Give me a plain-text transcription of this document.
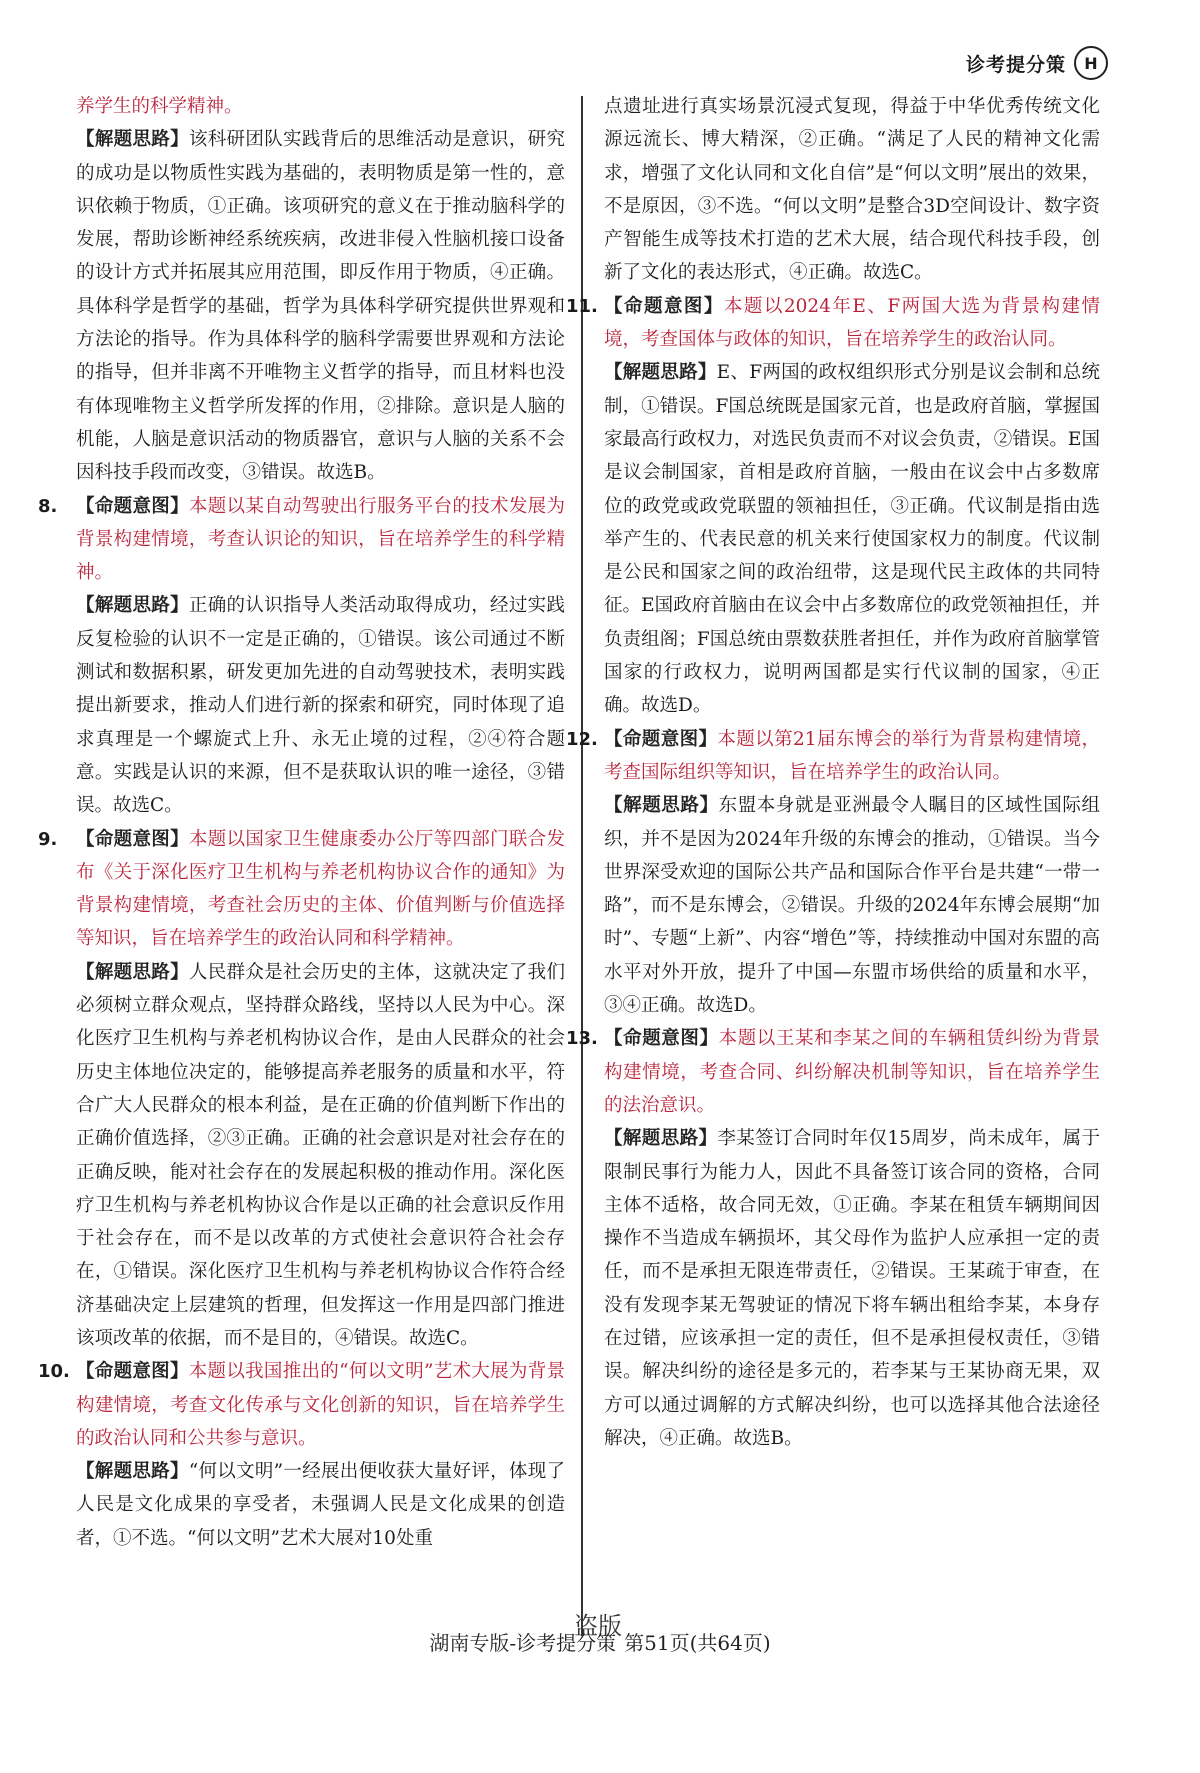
诊考提分策	H

养学生的科学精神。

【解题思路】该科研团队实践背后的思维活动是意识，研究的成功是以物质性实践为基础的，表明物质是第一性的，意识依赖于物质，①正确。该项研究的意义在于推动脑科学的发展，帮助诊断神经系统疾病，改进非侵入性脑机接口设备的设计方式并拓展其应用范围，即反作用于物质，④正确。具体科学是哲学的基础，哲学为具体科学研究提供世界观和方法论的指导。作为具体科学的脑科学需要世界观和方法论的指导，但并非离不开唯物主义哲学的指导，而且材料也没有体现唯物主义哲学所发挥的作用，②排除。意识是人脑的机能，人脑是意识活动的物质器官，意识与人脑的关系不会因科技手段而改变，③错误。故选B。

8. 【命题意图】本题以某自动驾驶出行服务平台的技术发展为背景构建情境，考查认识论的知识，旨在培养学生的科学精神。

【解题思路】正确的认识指导人类活动取得成功，经过实践反复检验的认识不一定是正确的，①错误。该公司通过不断测试和数据积累，研发更加先进的自动驾驶技术，表明实践提出新要求，推动人们进行新的探索和研究，同时体现了追求真理是一个螺旋式上升、永无止境的过程，②④符合题意。实践是认识的来源，但不是获取认识的唯一途径，③错误。故选C。

9. 【命题意图】本题以国家卫生健康委办公厅等四部门联合发布《关于深化医疗卫生机构与养老机构协议合作的通知》为背景构建情境，考查社会历史的主体、价值判断与价值选择等知识，旨在培养学生的政治认同和科学精神。

【解题思路】人民群众是社会历史的主体，这就决定了我们必须树立群众观点，坚持群众路线，坚持以人民为中心。深化医疗卫生机构与养老机构协议合作，是由人民群众的社会历史主体地位决定的，能够提高养老服务的质量和水平，符合广大人民群众的根本利益，是在正确的价值判断下作出的正确价值选择，②③正确。正确的社会意识是对社会存在的正确反映，能对社会存在的发展起积极的推动作用。深化医疗卫生机构与养老机构协议合作是以正确的社会意识反作用于社会存在，而不是以改革的方式使社会意识符合社会存在，①错误。深化医疗卫生机构与养老机构协议合作符合经济基础决定上层建筑的哲理，但发挥这一作用是四部门推进该项改革的依据，而不是目的，④错误。故选C。

10. 【命题意图】本题以我国推出的“何以文明”艺术大展为背景构建情境，考查文化传承与文化创新的知识，旨在培养学生的政治认同和公共参与意识。

【解题思路】“何以文明”一经展出便收获大量好评，体现了人民是文化成果的享受者，未强调人民是文化成果的创造者，①不选。“何以文明”艺术大展对10处重

点遗址进行真实场景沉浸式复现，得益于中华优秀传统文化源远流长、博大精深，②正确。“满足了人民的精神文化需求，增强了文化认同和文化自信”是“何以文明”展出的效果，不是原因，③不选。“何以文明”是整合3D空间设计、数字资产智能生成等技术打造的艺术大展，结合现代科技手段，创新了文化的表达形式，④正确。故选C。

11. 【命题意图】本题以2024年E、F两国大选为背景构建情境，考查国体与政体的知识，旨在培养学生的政治认同。

【解题思路】E、F两国的政权组织形式分别是议会制和总统制，①错误。F国总统既是国家元首，也是政府首脑，掌握国家最高行政权力，对选民负责而不对议会负责，②错误。E国是议会制国家，首相是政府首脑，一般由在议会中占多数席位的政党或政党联盟的领袖担任，③正确。代议制是指由选举产生的、代表民意的机关来行使国家权力的制度。代议制是公民和国家之间的政治纽带，这是现代民主政体的共同特征。E国政府首脑由在议会中占多数席位的政党领袖担任，并负责组阁；F国总统由票数获胜者担任，并作为政府首脑掌管国家的行政权力，说明两国都是实行代议制的国家，④正确。故选D。

12. 【命题意图】本题以第21届东博会的举行为背景构建情境，考查国际组织等知识，旨在培养学生的政治认同。

【解题思路】东盟本身就是亚洲最令人瞩目的区域性国际组织，并不是因为2024年升级的东博会的推动，①错误。当今世界深受欢迎的国际公共产品和国际合作平台是共建“一带一路”，而不是东博会，②错误。升级的2024年东博会展期“加时”、专题“上新”、内容“增色”等，持续推动中国对东盟的高水平对外开放，提升了中国—东盟市场供给的质量和水平，③④正确。故选D。

13. 【命题意图】本题以王某和李某之间的车辆租赁纠纷为背景构建情境，考查合同、纠纷解决机制等知识，旨在培养学生的法治意识。

【解题思路】李某签订合同时年仅15周岁，尚未成年，属于限制民事行为能力人，因此不具备签订该合同的资格，合同主体不适格，故合同无效，①正确。李某在租赁车辆期间因操作不当造成车辆损坏，其父母作为监护人应承担一定的责任，而不是承担无限连带责任，②错误。王某疏于审查，在没有发现李某无驾驶证的情况下将车辆出租给李某，本身存在过错，应该承担一定的责任，但不是承担侵权责任，③错误。解决纠纷的途径是多元的，若李某与王某协商无果，双方可以通过调解的方式解决纠纷，也可以选择其他合法途径解决，④正确。故选B。

盗版
湖南专版-诊考提分策 第51页(共64页)
